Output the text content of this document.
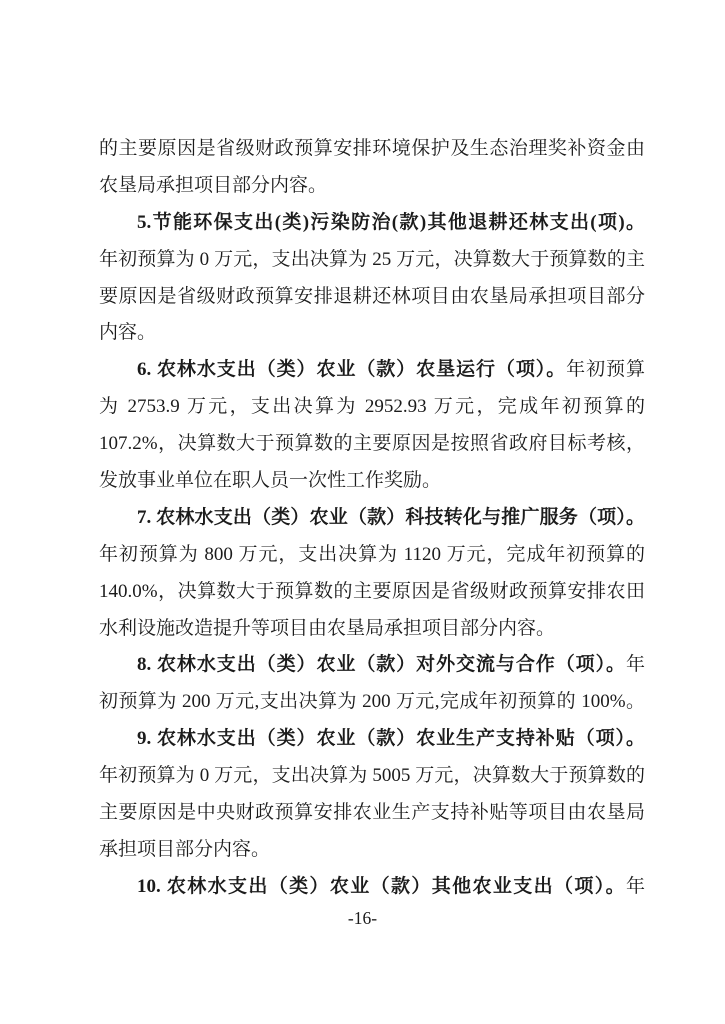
的主要原因是省级财政预算安排环境保护及生态治理奖补资金由
农垦局承担项目部分内容。
5.节能环保支出(类)污染防治(款)其他退耕还林支出(项)。
年初预算为 0 万元，支出决算为 25 万元，决算数大于预算数的主
要原因是省级财政预算安排退耕还林项目由农垦局承担项目部分
内容。
6. 农林水支出（类）农业（款）农垦运行（项）。年初预算
为 2753.9 万元，支出决算为 2952.93 万元，完成年初预算的
107.2%，决算数大于预算数的主要原因是按照省政府目标考核，
发放事业单位在职人员一次性工作奖励。
7. 农林水支出（类）农业（款）科技转化与推广服务（项）。
年初预算为 800 万元，支出决算为 1120 万元，完成年初预算的
140.0%，决算数大于预算数的主要原因是省级财政预算安排农田
水利设施改造提升等项目由农垦局承担项目部分内容。
8. 农林水支出（类）农业（款）对外交流与合作（项）。年
初预算为 200 万元,支出决算为 200 万元,完成年初预算的 100%。
9. 农林水支出（类）农业（款）农业生产支持补贴（项）。
年初预算为 0 万元，支出决算为 5005 万元，决算数大于预算数的
主要原因是中央财政预算安排农业生产支持补贴等项目由农垦局
承担项目部分内容。
10. 农林水支出（类）农业（款）其他农业支出（项）。年
-16-
